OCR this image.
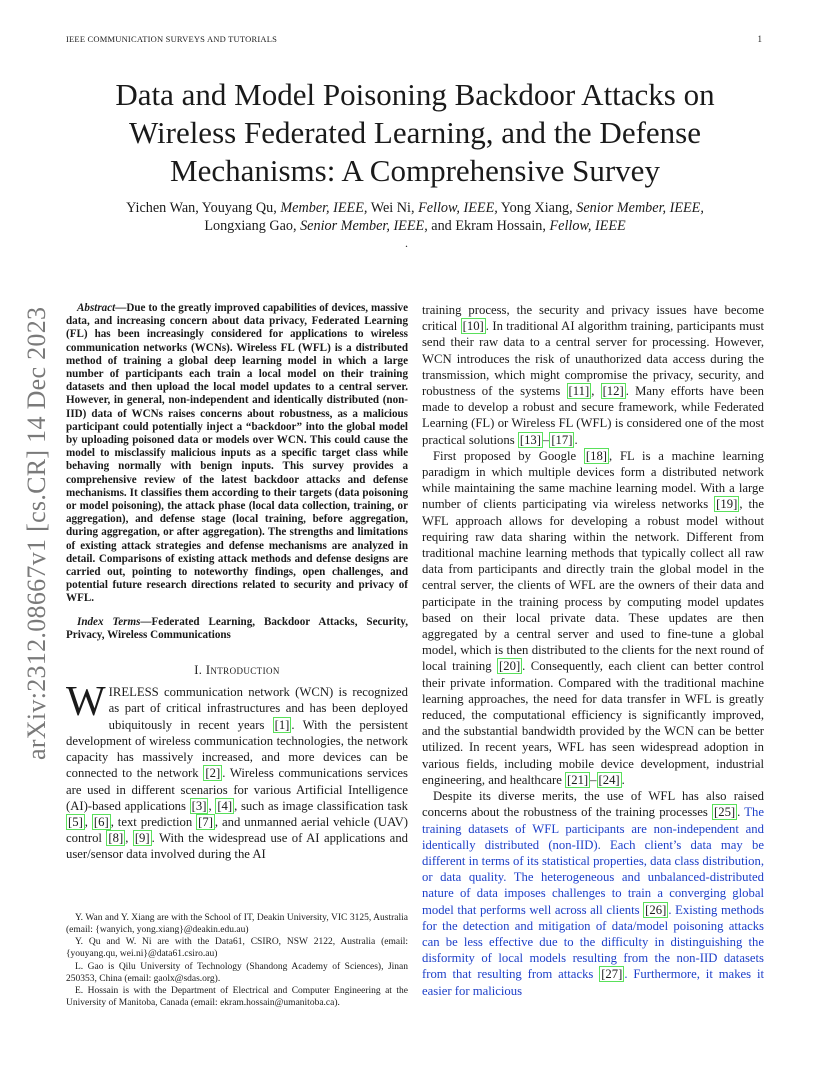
IEEE COMMUNICATION SURVEYS AND TUTORIALS	1
arXiv:2312.08667v1 [cs.CR] 14 Dec 2023
Data and Model Poisoning Backdoor Attacks on Wireless Federated Learning, and the Defense Mechanisms: A Comprehensive Survey
Yichen Wan, Youyang Qu, Member, IEEE, Wei Ni, Fellow, IEEE, Yong Xiang, Senior Member, IEEE,
Longxiang Gao, Senior Member, IEEE, and Ekram Hossain, Fellow, IEEE
.

Abstract—Due to the greatly improved capabilities of devices, massive data, and increasing concern about data privacy, Federated Learning (FL) has been increasingly considered for applications to wireless communication networks (WCNs). Wireless FL (WFL) is a distributed method of training a global deep learning model in which a large number of participants each train a local model on their training datasets and then upload the local model updates to a central server. However, in general, non-independent and identically distributed (non-IID) data of WCNs raises concerns about robustness, as a malicious participant could potentially inject a “backdoor” into the global model by uploading poisoned data or models over WCN. This could cause the model to misclassify malicious inputs as a specific target class while behaving normally with benign inputs. This survey provides a comprehensive review of the latest backdoor attacks and defense mechanisms. It classifies them according to their targets (data poisoning or model poisoning), the attack phase (local data collection, training, or aggregation), and defense stage (local training, before aggregation, during aggregation, or after aggregation). The strengths and limitations of existing attack strategies and defense mechanisms are analyzed in detail. Comparisons of existing attack methods and defense designs are carried out, pointing to noteworthy findings, open challenges, and potential future research directions related to security and privacy of WFL.

Index Terms—Federated Learning, Backdoor Attacks, Security, Privacy, Wireless Communications

I. Introduction

WIRELESS communication network (WCN) is recognized as part of critical infrastructures and has been deployed ubiquitously in recent years [1] . With the persistent development of wireless communication technologies, the network capacity has massively increased, and more devices can be connected to the network [2] . Wireless communications services are used in different scenarios for various Artificial Intelligence (AI)-based applications [3] , [4] , such as image classification task [5] , [6] , text prediction [7] , and unmanned aerial vehicle (UAV) control [8] , [9] . With the widespread use of AI applications and user/sensor data involved during the AI

Y. Wan and Y. Xiang are with the School of IT, Deakin University, VIC 3125, Australia (email: {wanyich, yong.xiang}@deakin.edu.au)

Y. Qu and W. Ni are with the Data61, CSIRO, NSW 2122, Australia (email: {youyang.qu, wei.ni}@data61.csiro.au)

L. Gao is Qilu University of Technology (Shandong Academy of Sciences), Jinan 250353, China (email: gaolx@sdas.org).

E. Hossain is with the Department of Electrical and Computer Engineering at the University of Manitoba, Canada (email: ekram.hossain@umanitoba.ca).

training process, the security and privacy issues have become critical [10] . In traditional AI algorithm training, participants must send their raw data to a central server for processing. However, WCN introduces the risk of unauthorized data access during the transmission, which might compromise the privacy, security, and robustness of the systems [11] , [12] . Many efforts have been made to develop a robust and secure framework, while Federated Learning (FL) or Wireless FL (WFL) is considered one of the most practical solutions [13] – [17] .

First proposed by Google [18] , FL is a machine learning paradigm in which multiple devices form a distributed network while maintaining the same machine learning model. With a large number of clients participating via wireless networks [19] , the WFL approach allows for developing a robust model without requiring raw data sharing within the network. Different from traditional machine learning methods that typically collect all raw data from participants and directly train the global model in the central server, the clients of WFL are the owners of their data and participate in the training process by computing model updates based on their local private data. These updates are then aggregated by a central server and used to fine-tune a global model, which is then distributed to the clients for the next round of local training [20] . Consequently, each client can better control their private information. Compared with the traditional machine learning approaches, the need for data transfer in WFL is greatly reduced, the computational efficiency is significantly improved, and the substantial bandwidth provided by the WCN can be better utilized. In recent years, WFL has seen widespread adoption in various fields, including mobile device development, industrial engineering, and healthcare [21] – [24] .

Despite its diverse merits, the use of WFL has also raised concerns about the robustness of the training processes [25] . The training datasets of WFL participants are non-independent and identically distributed (non-IID). Each client’s data may be different in terms of its statistical properties, data class distribution, or data quality. The heterogeneous and unbalanced-distributed nature of data imposes challenges to train a converging global model that performs well across all clients [26] . Existing methods for the detection and mitigation of data/model poisoning attacks can be less effective due to the difficulty in distinguishing the disformity of local models resulting from the non-IID datasets from that resulting from attacks [27] . Furthermore, it makes it easier for malicious
